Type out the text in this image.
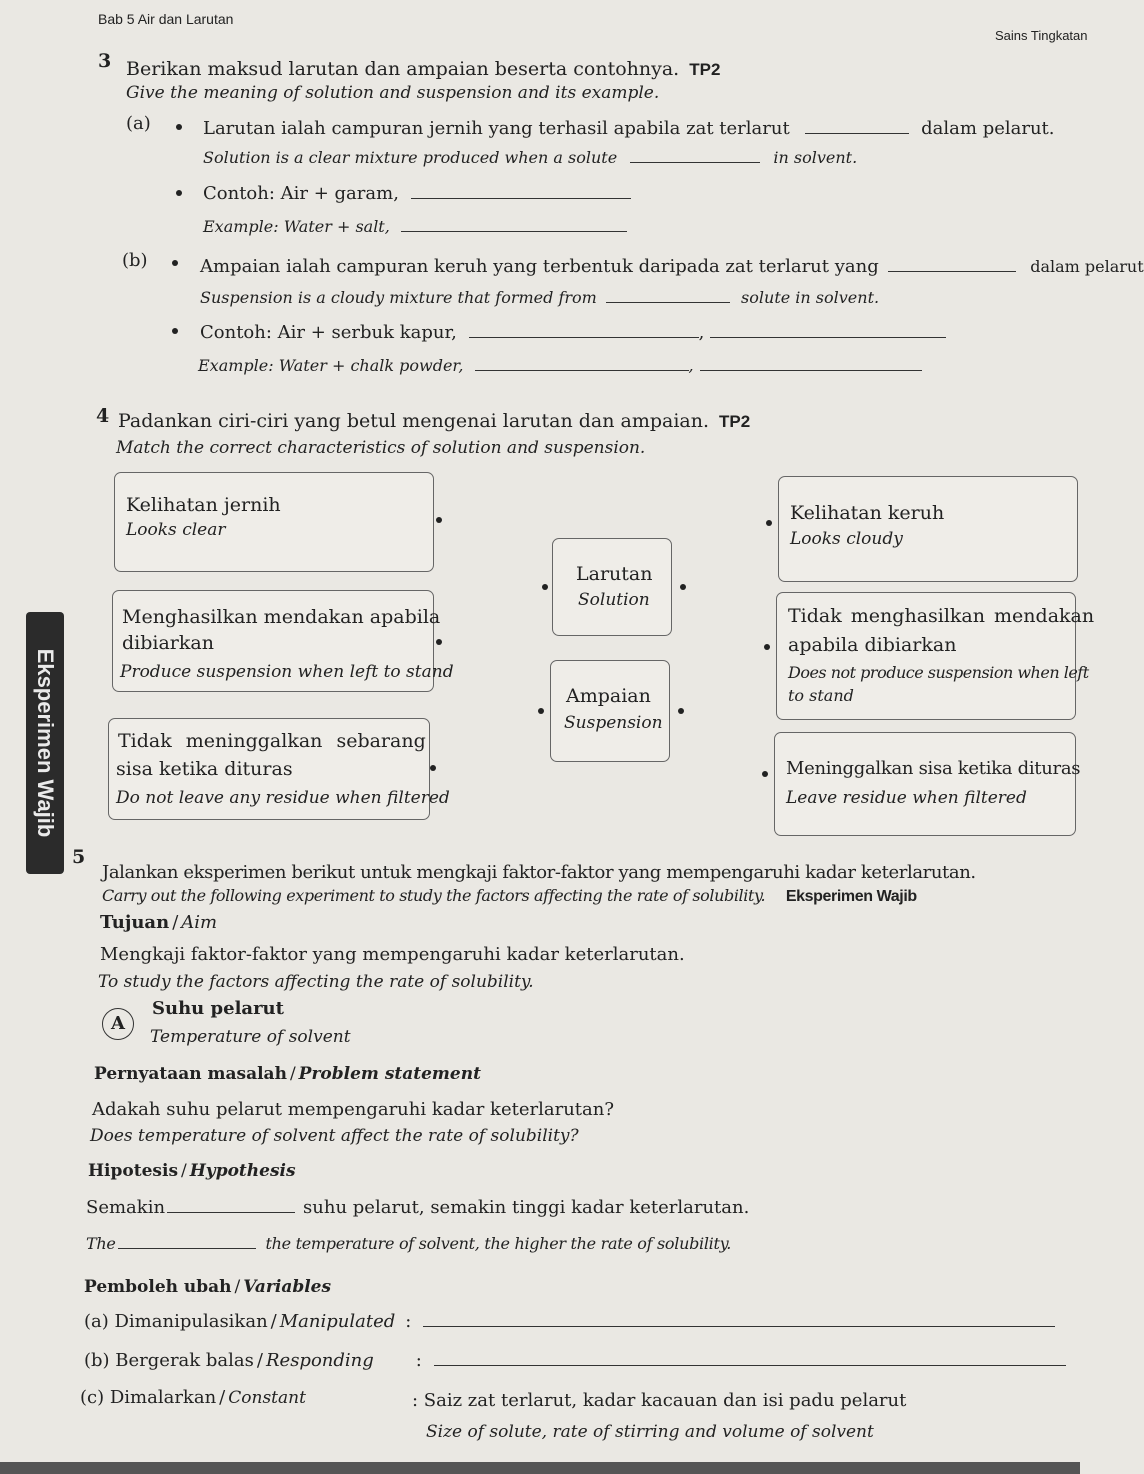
Bab 5 Air dan Larutan
Sains Tingkatan
3 Berikan maksud larutan dan ampaian beserta contohnya. TP2
Give the meaning of solution and suspension and its example.
(a)	Larutan ialah campuran jernih yang terhasil apabila zat terlarut	dalam pelarut.
Solution is a clear mixture produced when a solute	in solvent.
Contoh: Air + garam,
Example: Water + salt,
(b)	Ampaian ialah campuran keruh yang terbentuk daripada zat terlarut yang	dalam pelarut
Suspension is a cloudy mixture that formed from	solute in solvent.
Contoh: Air + serbuk kapur,	,
Example: Water + chalk powder,	,
4 Padankan ciri-ciri yang betul mengenai larutan dan ampaian. TP2
Match the correct characteristics of solution and suspension.
Kelihatan jernih
Looks clear
Menghasilkan mendakan apabila
dibiarkan
Produce suspension when left to stand
Tidak meninggalkan sebarang
sisa ketika dituras
Do not leave any residue when filtered
Larutan
Solution
Ampaian
Suspension
Kelihatan keruh
Looks cloudy
Tidak menghasilkan mendakan
apabila dibiarkan
Does not produce suspension when left
to stand
Meninggalkan sisa ketika dituras
Leave residue when filtered
Eksperimen Wajib
5
Jalankan eksperimen berikut untuk mengkaji faktor-faktor yang mempengaruhi kadar keterlarutan.
Carry out the following experiment to study the factors affecting the rate of solubility. Eksperimen Wajib
Tujuan / Aim
Mengkaji faktor-faktor yang mempengaruhi kadar keterlarutan.
To study the factors affecting the rate of solubility.
A
Suhu pelarut
Temperature of solvent
Pernyataan masalah / Problem statement
Adakah suhu pelarut mempengaruhi kadar keterlarutan?
Does temperature of solvent affect the rate of solubility?
Hipotesis / Hypothesis
Semakin	suhu pelarut, semakin tinggi kadar keterlarutan.
The	the temperature of solvent, the higher the rate of solubility.
Pemboleh ubah / Variables
(a) Dimanipulasikan / Manipulated :
(b) Bergerak balas / Responding :
(c) Dimalarkan / Constant	: Saiz zat terlarut, kadar kacauan dan isi padu pelarut
Size of solute, rate of stirring and volume of solvent
